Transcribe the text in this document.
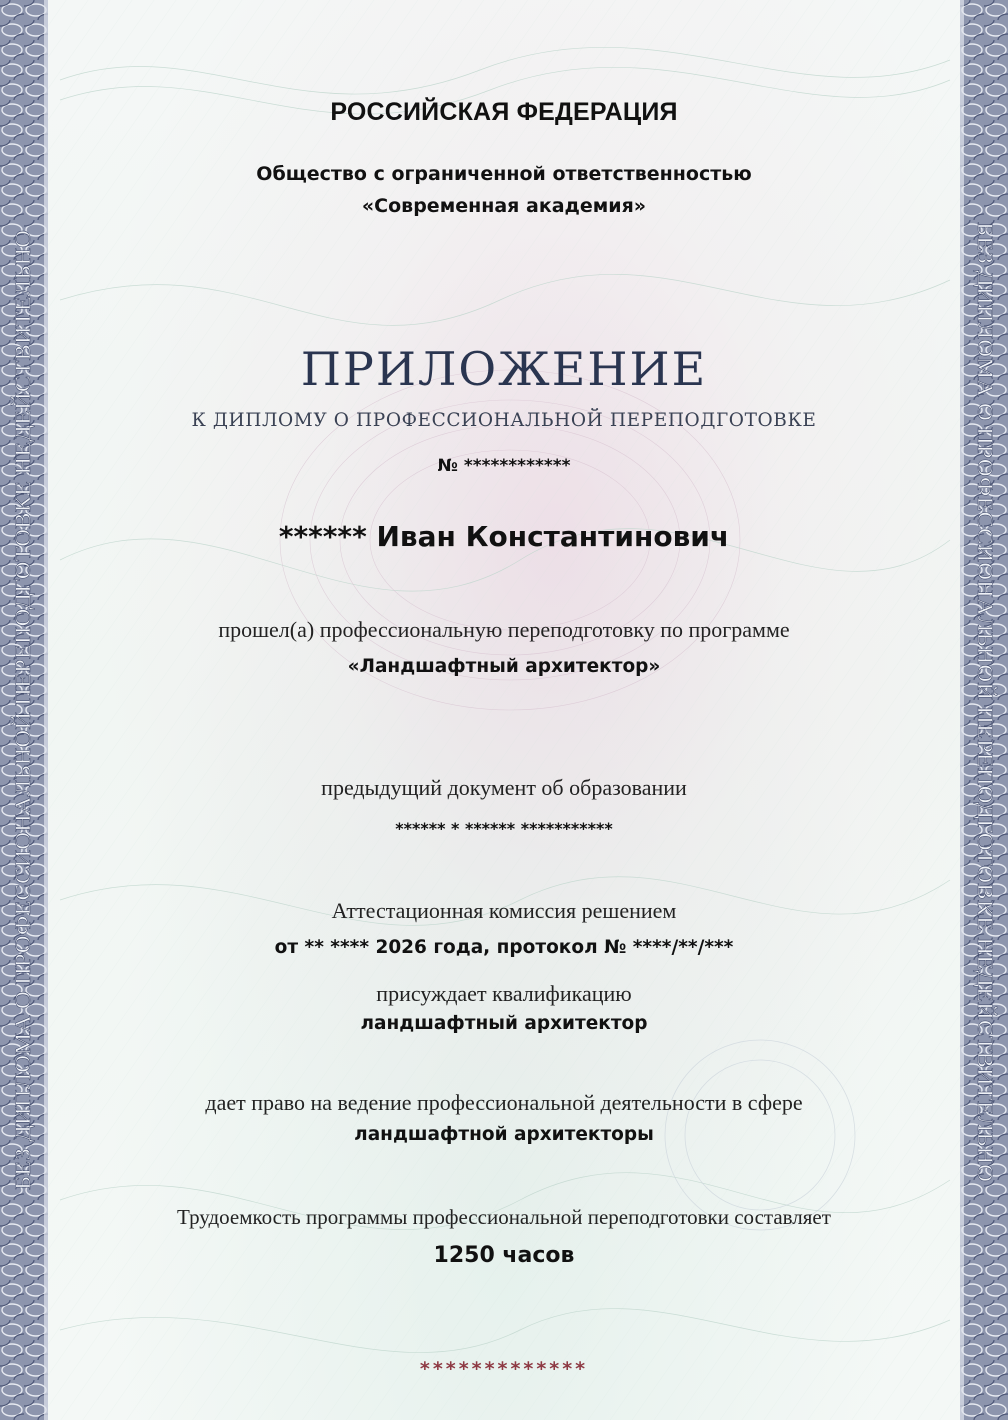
БЕЗ ДИПЛОМА О ПРОФЕССИОНАЛЬНОЙ ПЕРЕПОДГОТОВКЕ НЕДЕЙСТВИТЕЛЬНО	БЕЗ ДИПЛОМА О ПРОФЕССИОНАЛЬНОЙ ПЕРЕПОДГОТОВКЕ НЕДЕЙСТВИТЕЛЬНО
РОССИЙСКАЯ ФЕДЕРАЦИЯ
Общество с ограниченной ответственностью
«Современная академия»
ПРИЛОЖЕНИЕ
К ДИПЛОМУ О ПРОФЕССИОНАЛЬНОЙ ПЕРЕПОДГОТОВКЕ
№ ************
****** Иван Константинович
прошел(а) профессиональную переподготовку по программе
«Ландшафтный архитектор»
предыдущий документ об образовании
****** * ****** ***********
Аттестационная комиссия решением
от ** **** 2026 года, протокол № ****/**/***
присуждает квалификацию
ландшафтный архитектор
дает право на ведение профессиональной деятельности в сфере
ландшафтной архитекторы
Трудоемкость программы профессиональной переподготовки составляет
1250 часов
*************
